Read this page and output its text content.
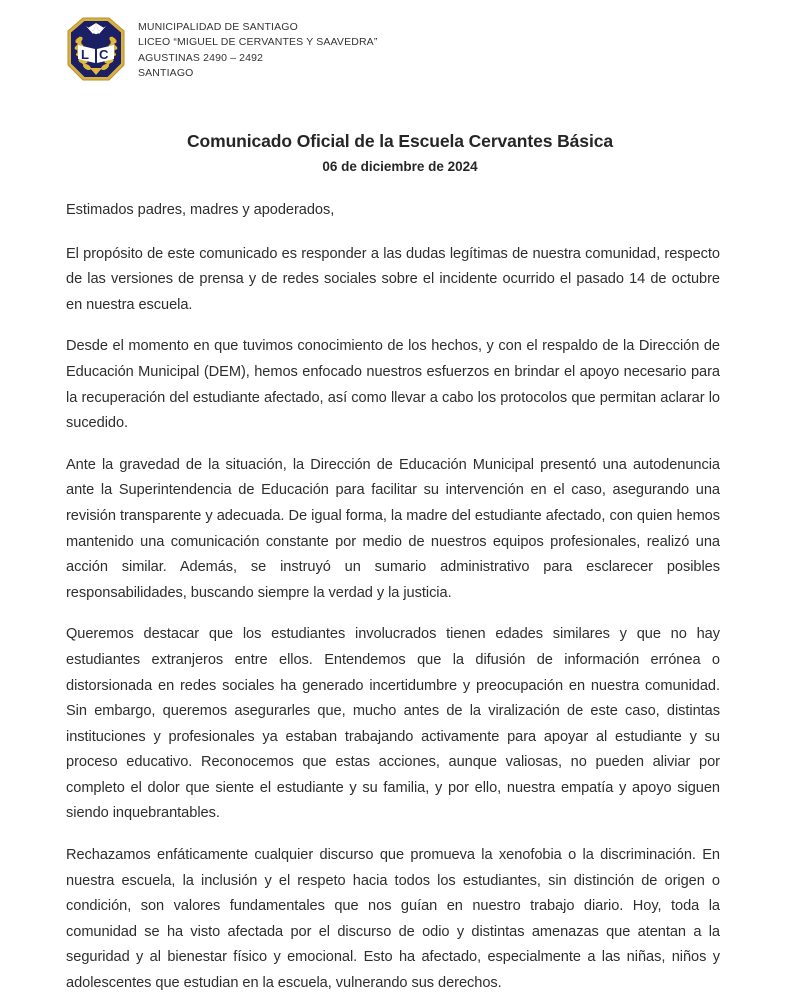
L C
MUNICIPALIDAD DE SANTIAGO
LICEO “MIGUEL DE CERVANTES Y SAAVEDRA”
AGUSTINAS 2490 – 2492
SANTIAGO
Comunicado Oficial de la Escuela Cervantes Básica
06 de diciembre de 2024

Estimados padres, madres y apoderados,

El propósito de este comunicado es responder a las dudas legítimas de nuestra comunidad, respecto de las versiones de prensa y de redes sociales sobre el incidente ocurrido el pasado 14 de octubre en nuestra escuela.

Desde el momento en que tuvimos conocimiento de los hechos, y con el respaldo de la Dirección de Educación Municipal (DEM), hemos enfocado nuestros esfuerzos en brindar el apoyo necesario para la recuperación del estudiante afectado, así como llevar a cabo los protocolos que permitan aclarar lo sucedido.

Ante la gravedad de la situación, la Dirección de Educación Municipal presentó una autodenuncia ante la Superintendencia de Educación para facilitar su intervención en el caso, asegurando una revisión transparente y adecuada. De igual forma, la madre del estudiante afectado, con quien hemos mantenido una comunicación constante por medio de nuestros equipos profesionales, realizó una acción similar. Además, se instruyó un sumario administrativo para esclarecer posibles responsabilidades, buscando siempre la verdad y la justicia.

Queremos destacar que los estudiantes involucrados tienen edades similares y que no hay estudiantes extranjeros entre ellos. Entendemos que la difusión de información errónea o distorsionada en redes sociales ha generado incertidumbre y preocupación en nuestra comunidad. Sin embargo, queremos asegurarles que, mucho antes de la viralización de este caso, distintas instituciones y profesionales ya estaban trabajando activamente para apoyar al estudiante y su proceso educativo. Reconocemos que estas acciones, aunque valiosas, no pueden aliviar por completo el dolor que siente el estudiante y su familia, y por ello, nuestra empatía y apoyo siguen siendo inquebrantables.

Rechazamos enfáticamente cualquier discurso que promueva la xenofobia o la discriminación. En nuestra escuela, la inclusión y el respeto hacia todos los estudiantes, sin distinción de origen o condición, son valores fundamentales que nos guían en nuestro trabajo diario. Hoy, toda la comunidad se ha visto afectada por el discurso de odio y distintas amenazas que atentan a la seguridad y al bienestar físico y emocional. Esto ha afectado, especialmente a las niñas, niños y adolescentes que estudian en la escuela, vulnerando sus derechos.
